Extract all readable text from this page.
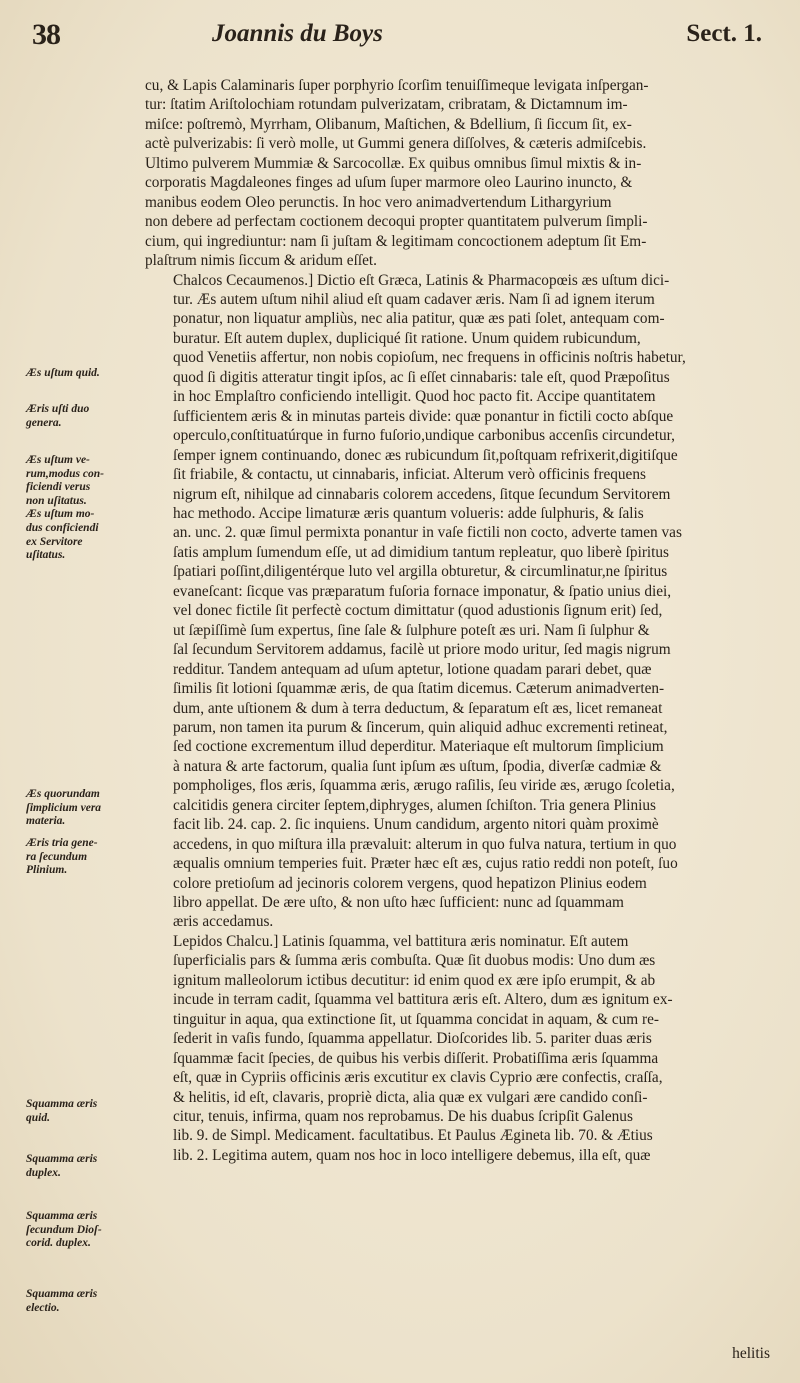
38	Joannis du Boys	Sect. 1.
Æs uſtum quid.
Æris uſti duo
genera.
Æs uſtum ve-
rum,modus con-
ficiendi verus
non uſitatus.
Æs uſtum mo-
dus conficiendi
ex Servitore
uſitatus.
Æs quorundam
ſimplicium vera
materia.
Æris tria gene-
ra ſecundum
Plinium.
Squamma æris
quid.
Squamma æris
duplex.
Squamma æris
ſecundum Dioſ-
corid. duplex.
Squamma æris
electio.

cu, & Lapis Calaminaris ſuper porphyrio ſcorſim tenuiſſimeque levigata inſpergan-
tur: ſtatim Ariſtolochiam rotundam pulverizatam, cribratam, & Dictamnum im-
miſce: poſtremò, Myrrham, Olibanum, Maſtichen, & Bdellium, ſi ſiccum ſit, ex-
actè pulverizabis: ſi verò molle, ut Gummi genera diſſolves, & cæteris admiſcebis.
Ultimo pulverem Mummiæ & Sarcocollæ. Ex quibus omnibus ſimul mixtis & in-
corporatis Magdaleones finges ad uſum ſuper marmore oleo Laurino inuncto, &
manibus eodem Oleo perunctis. In hoc vero animadvertendum Lithargyrium
non debere ad perfectam coctionem decoqui propter quantitatem pulverum ſimpli-
cium, qui ingrediuntur: nam ſi juſtam & legitimam concoctionem adeptum ſit Em-
plaſtrum nimis ſiccum & aridum eſſet.

Chalcos Cecaumenos.] Dictio eſt Græca, Latinis & Pharmacopœis æs uſtum dici-
tur. Æs autem uſtum nihil aliud eſt quam cadaver æris. Nam ſi ad ignem iterum
ponatur, non liquatur ampliùs, nec alia patitur, quæ æs pati ſolet, antequam com-
buratur. Eſt autem duplex, dupliciqué ſit ratione. Unum quidem rubicundum,
quod Venetiis affertur, non nobis copioſum, nec frequens in officinis noſtris habetur,
quod ſi digitis atteratur tingit ipſos, ac ſi eſſet cinnabaris: tale eſt, quod Præpoſitus
in hoc Emplaſtro conficiendo intelligit. Quod hoc pacto fit. Accipe quantitatem
ſufficientem æris & in minutas parteis divide: quæ ponantur in fictili cocto abſque
operculo,conſtituatúrque in furno fuſorio,undique carbonibus accenſis circundetur,
ſemper ignem continuando, donec æs rubicundum ſit,poſtquam refrixerit,digitiſque
ſit friabile, & contactu, ut cinnabaris, inficiat. Alterum verò officinis frequens
nigrum eſt, nihilque ad cinnabaris colorem accedens, ſitque ſecundum Servitorem
hac methodo. Accipe limaturæ æris quantum volueris: adde ſulphuris, & ſalis
an. unc. 2. quæ ſimul permixta ponantur in vaſe fictili non cocto, adverte tamen vas
ſatis amplum ſumendum eſſe, ut ad dimidium tantum repleatur, quo liberè ſpiritus
ſpatiari poſſint,diligentérque luto vel argilla obturetur, & circumlinatur,ne ſpiritus
evaneſcant: ſicque vas præparatum fuſoria fornace imponatur, & ſpatio unius diei,
vel donec fictile ſit perfectè coctum dimittatur (quod adustionis ſignum erit) ſed,
ut ſæpiſſimè ſum expertus, ſine ſale & ſulphure poteſt æs uri. Nam ſi ſulphur &
ſal ſecundum Servitorem addamus, facilè ut priore modo uritur, ſed magis nigrum
redditur. Tandem antequam ad uſum aptetur, lotione quadam parari debet, quæ
ſimilis ſit lotioni ſquammæ æris, de qua ſtatim dicemus. Cæterum animadverten-
dum, ante uſtionem & dum à terra deductum, & ſeparatum eſt æs, licet remaneat
parum, non tamen ita purum & ſincerum, quin aliquid adhuc excrementi retineat,
ſed coctione excrementum illud deperditur. Materiaque eſt multorum ſimplicium
à natura & arte factorum, qualia ſunt ipſum æs uſtum, ſpodia, diverſæ cadmiæ &
pompholiges, flos æris, ſquamma æris, ærugo raſilis, ſeu viride æs, ærugo ſcoletia,
calcitidis genera circiter ſeptem,diphryges, alumen ſchiſton. Tria genera Plinius
facit lib. 24. cap. 2. ſic inquiens. Unum candidum, argento nitori quàm proximè
accedens, in quo miſtura illa prævaluit: alterum in quo fulva natura, tertium in quo
æqualis omnium temperies fuit. Præter hæc eſt æs, cujus ratio reddi non poteſt, ſuo
colore pretioſum ad jecinoris colorem vergens, quod hepatizon Plinius eodem
libro appellat. De ære uſto, & non uſto hæc ſufficient: nunc ad ſquammam
æris accedamus.

Lepidos Chalcu.] Latinis ſquamma, vel battitura æris nominatur. Eſt autem
ſuperficialis pars & ſumma æris combuſta. Quæ ſit duobus modis: Uno dum æs
ignitum malleolorum ictibus decutitur: id enim quod ex ære ipſo erumpit, & ab
incude in terram cadit, ſquamma vel battitura æris eſt. Altero, dum æs ignitum ex-
tinguitur in aqua, qua extinctione ſit, ut ſquamma concidat in aquam, & cum re-
ſederit in vaſis fundo, ſquamma appellatur. Dioſcorides lib. 5. pariter duas æris
ſquammæ facit ſpecies, de quibus his verbis diſſerit. Probatiſſima æris ſquamma
eſt, quæ in Cypriis officinis æris excutitur ex clavis Cyprio ære confectis, craſſa,
& helitis, id eſt, clavaris, propriè dicta, alia quæ ex vulgari ære candido conſi-
citur, tenuis, infirma, quam nos reprobamus. De his duabus ſcripſit Galenus
lib. 9. de Simpl. Medicament. facultatibus. Et Paulus Ægineta lib. 70. & Ætius
lib. 2. Legitima autem, quam nos hoc in loco intelligere debemus, illa eſt, quæ

helitis
